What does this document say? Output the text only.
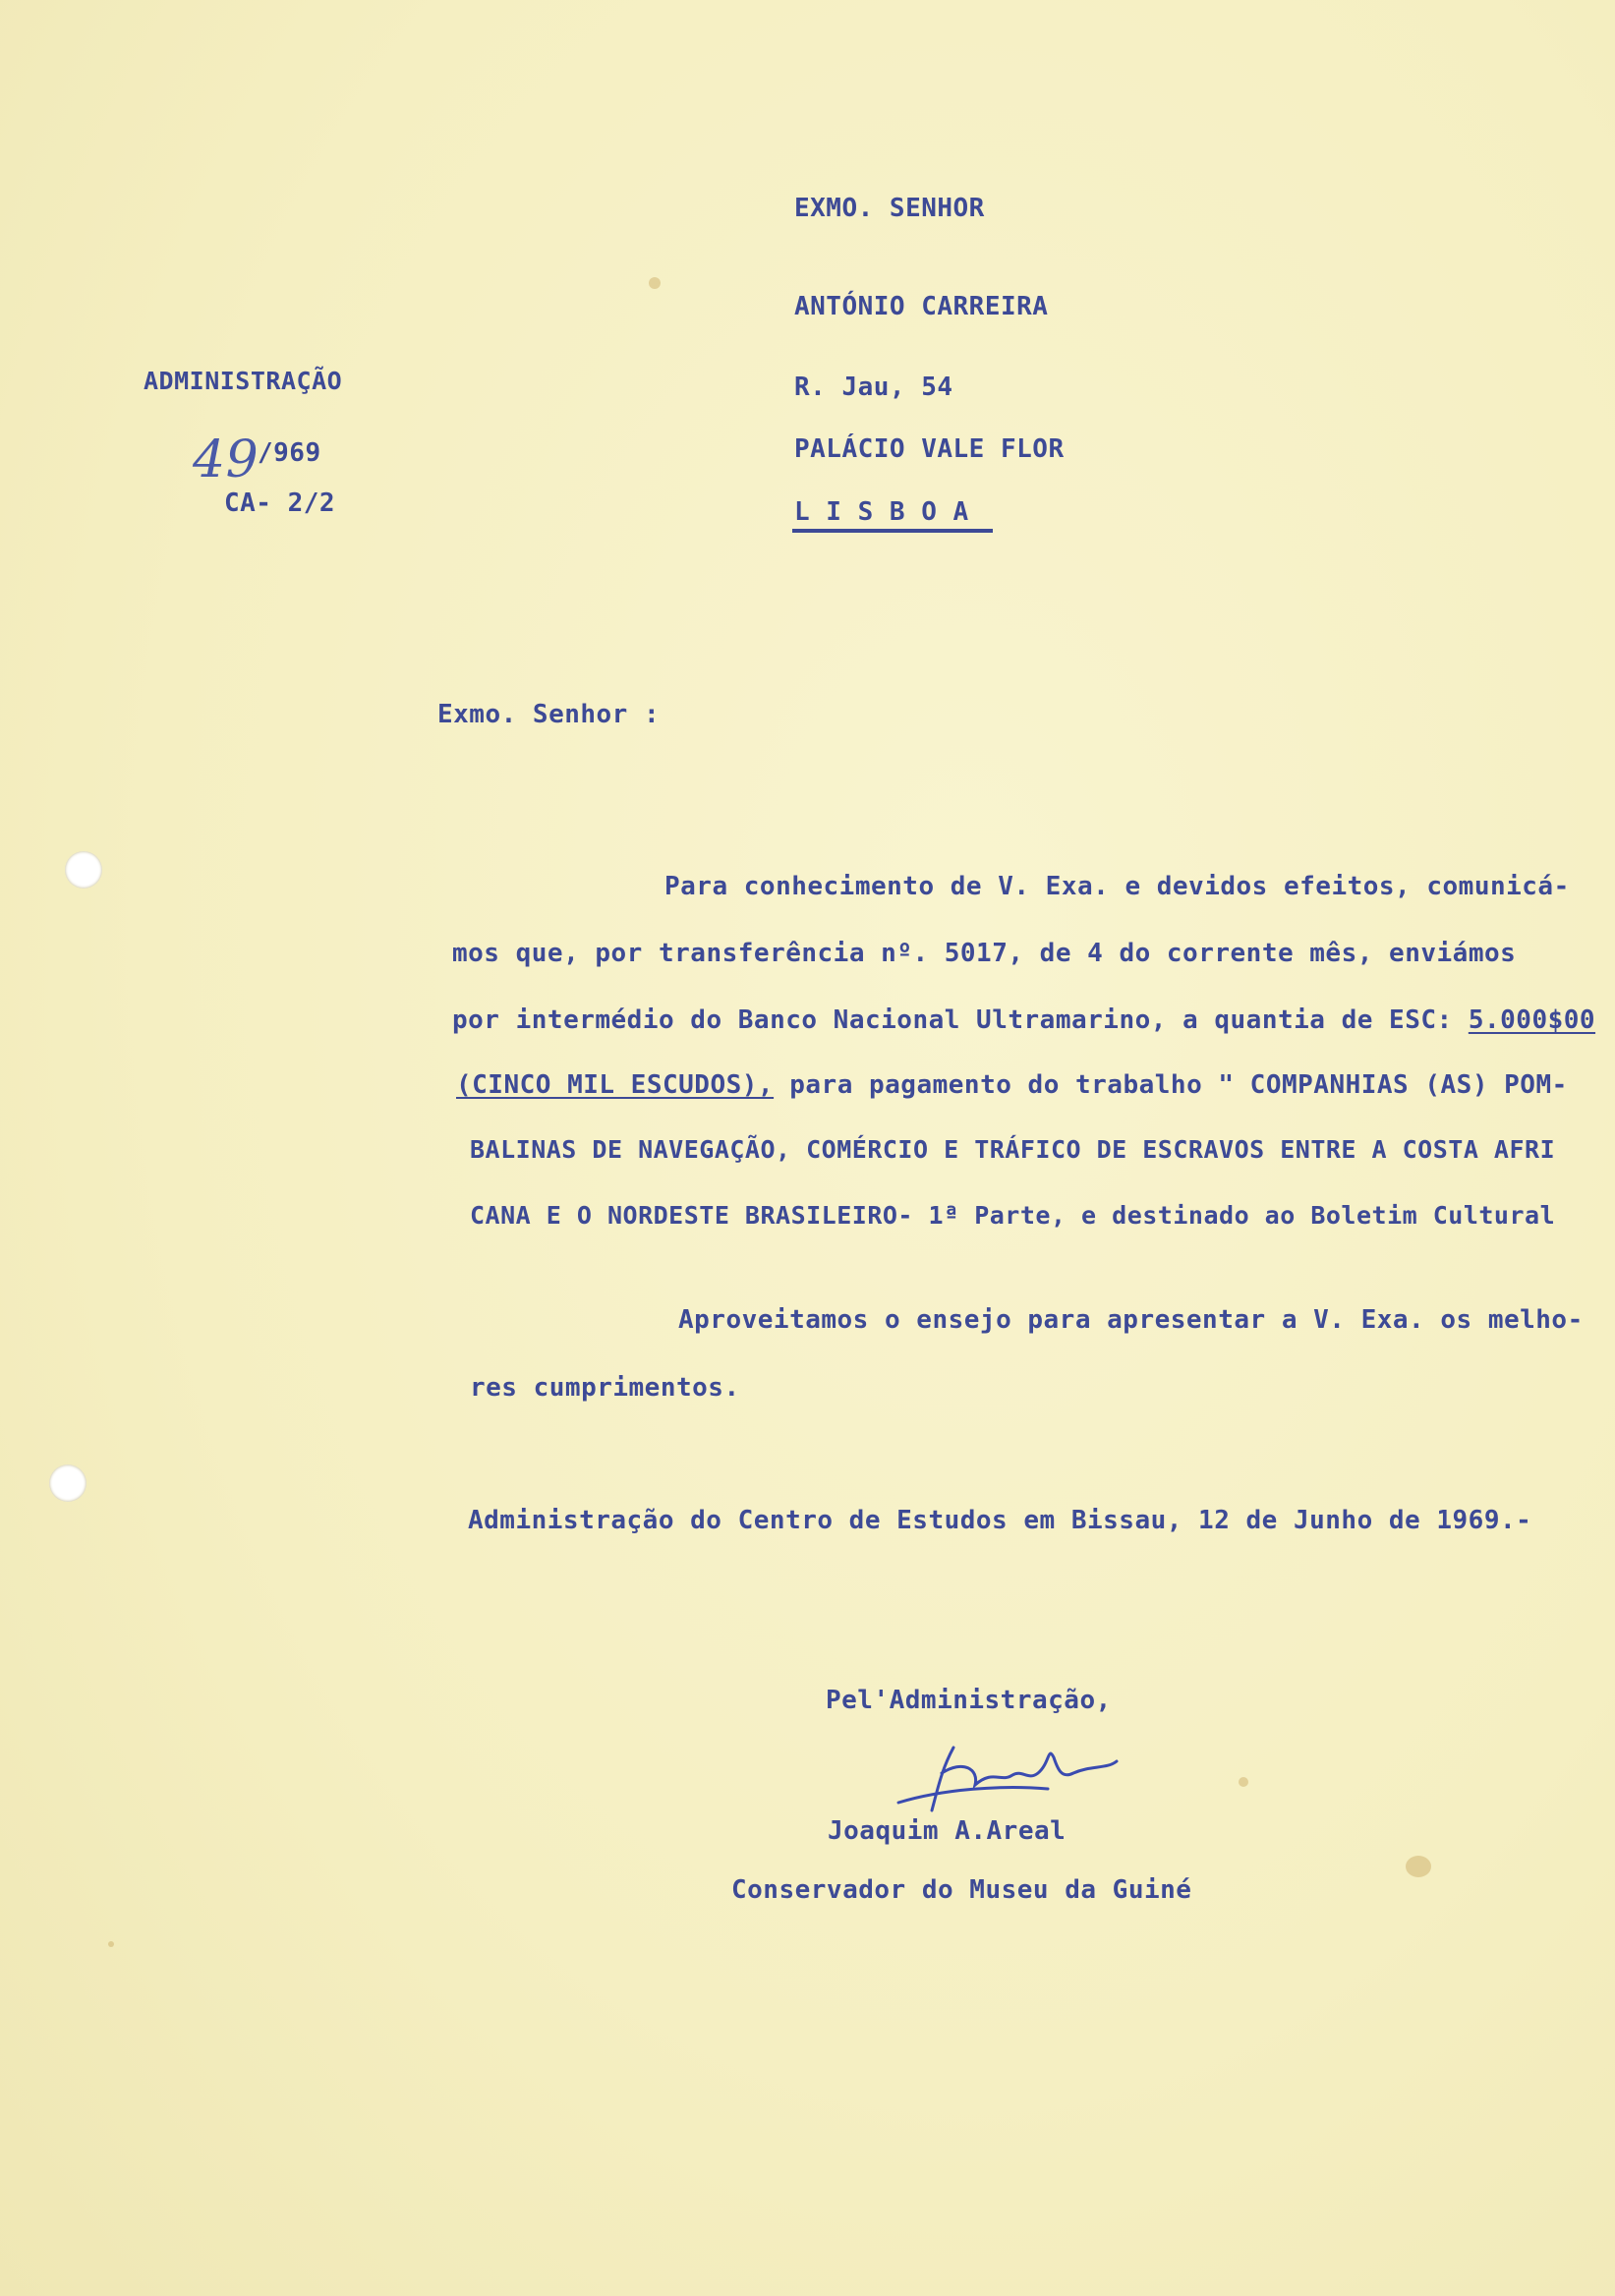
EXMO. SENHOR
ANTÓNIO CARREIRA
R. Jau, 54
PALÁCIO VALE FLOR
L I S B O A
ADMINISTRAÇÃO
49
/969
CA- 2/2
Exmo. Senhor :
Para conhecimento de V. Exa. e devidos efeitos, comunicá-
mos que, por transferência nº. 5017, de 4 do corrente mês, enviámos
por intermédio do Banco Nacional Ultramarino, a quantia de ESC: 5.000$00
(CINCO MIL ESCUDOS), para pagamento do trabalho " COMPANHIAS (AS) POM-
BALINAS DE NAVEGAÇÃO, COMÉRCIO E TRÁFICO DE ESCRAVOS ENTRE A COSTA AFRI
CANA E O NORDESTE BRASILEIRO- 1ª Parte, e destinado ao Boletim Cultural
Aproveitamos o ensejo para apresentar a V. Exa. os melho-
res cumprimentos.
Administração do Centro de Estudos em Bissau, 12 de Junho de 1969.-
Pel'Administração,
Joaquim A.Areal
Conservador do Museu da Guiné
